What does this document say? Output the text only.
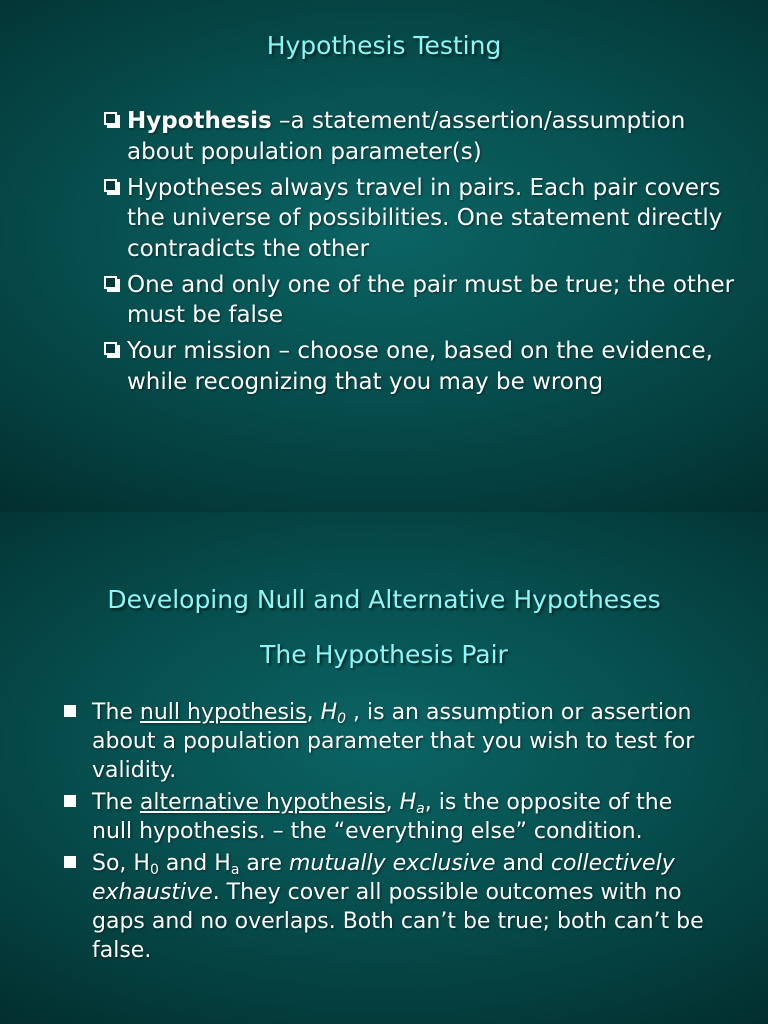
Hypothesis Testing
Hypothesis –a statement/assertion/assumption about population parameter(s)
Hypotheses always travel in pairs. Each pair covers the universe of possibilities. One statement directly contradicts the other
One and only one of the pair must be true; the other must be false
Your mission – choose one, based on the evidence, while recognizing that you may be wrong
Developing Null and Alternative Hypotheses
The Hypothesis Pair
The null hypothesis, $H_0$ , is an assumption or assertion about a population parameter that you wish to test for validity.
The alternative hypothesis, $H_a$, is the opposite of the null hypothesis. – the “everything else” condition.
So, $H_0$ and $H_a$ are mutually exclusive and collectively exhaustive. They cover all possible outcomes with no gaps and no overlaps. Both can’t be true; both can’t be false.
